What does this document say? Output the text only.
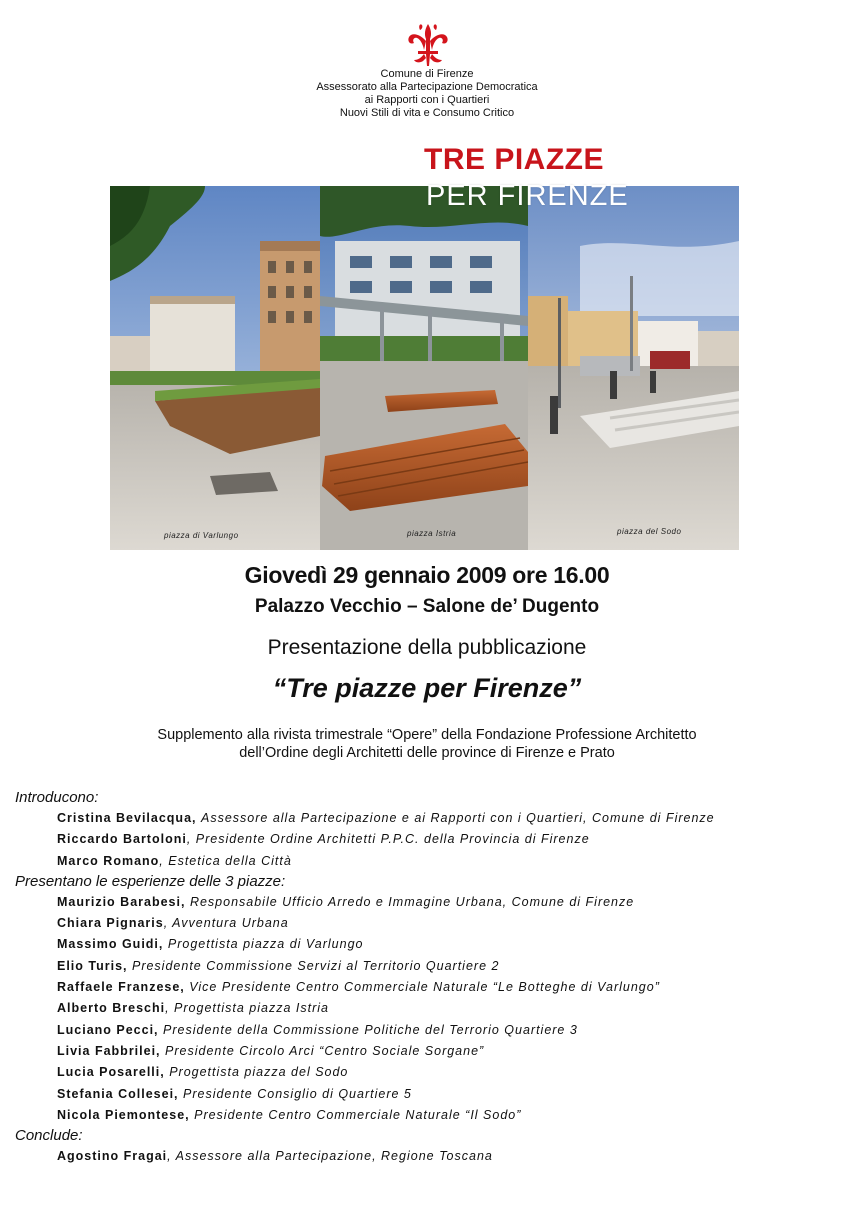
Comune di Firenze
Assessorato alla Partecipazione Democratica
ai Rapporti con i Quartieri
Nuovi Stili di vita e Consumo Critico
TRE PIAZZE
PER FIRENZE
piazza di Varlungo	piazza Istria	piazza del Sodo
Giovedì 29 gennaio 2009 ore 16.00
Palazzo Vecchio – Salone de’ Dugento
Presentazione della pubblicazione
“Tre piazze per Firenze”
Supplemento alla rivista trimestrale “Opere” della Fondazione Professione Architetto
dell’Ordine degli Architetti delle province di Firenze e Prato
Introducono:
Cristina Bevilacqua, Assessore alla Partecipazione e ai Rapporti con i Quartieri, Comune di Firenze
Riccardo Bartoloni, Presidente Ordine Architetti P.P.C. della Provincia di Firenze
Marco Romano, Estetica della Città
Presentano le esperienze delle 3 piazze:
Maurizio Barabesi, Responsabile Ufficio Arredo e Immagine Urbana, Comune di Firenze
Chiara Pignaris, Avventura Urbana
Massimo Guidi, Progettista piazza di Varlungo
Elio Turis, Presidente Commissione Servizi al Territorio Quartiere 2
Raffaele Franzese, Vice Presidente Centro Commerciale Naturale “Le Botteghe di Varlungo”
Alberto Breschi, Progettista piazza Istria
Luciano Pecci, Presidente della Commissione Politiche del Terrorio Quartiere 3
Livia Fabbrilei, Presidente Circolo Arci “Centro Sociale Sorgane”
Lucia Posarelli, Progettista piazza del Sodo
Stefania Collesei, Presidente Consiglio di Quartiere 5
Nicola Piemontese, Presidente Centro Commerciale Naturale “Il Sodo”
Conclude:
Agostino Fragai, Assessore alla Partecipazione, Regione Toscana
